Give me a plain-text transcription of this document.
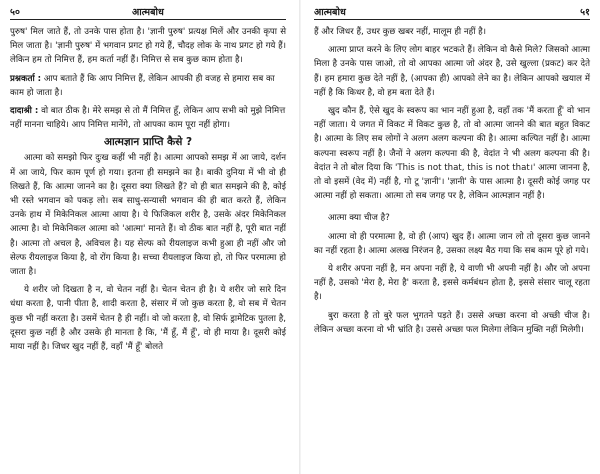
५०	आत्मबोध

पुरुष' मिल जाते हैं, तो उनके पास होता है। 'ज्ञानी पुरुष' प्रत्यक्ष मिलें और उनकी कृपा से मिल जाता है। 'ज्ञानी पुरुष' में भगवान प्रगट हो गये हैं, चौदह लोक के नाथ प्रगट हो गये हैं। लेकिन हम तो निमित्त हैं, हम कर्ता नहीं हैं। निमित्त से सब कुछ काम होता है।

प्रश्नकर्ता : आप बताते हैं कि आप निमित्त हैं, लेकिन आपकी ही वजह से हमारा सब का काम हो जाता है।

दादाश्री : वो बात ठीक है। मेरे समझ से तो मैं निमित्त हूँ, लेकिन आप सभी को मुझे निमित्त नहीं मानना चाहिये। आप निमित्त मानेंगे, तो आपका काम पूरा नहीं होगा।

आत्मज्ञान प्राप्ति कैसे ?

आत्मा को समझो फिर दुःख कहीं भी नहीं है। आत्मा आपको समझ में आ जाये, दर्शन में आ जाये, फिर काम पूर्ण हो गया। इतना ही समझने का है। बाकी दुनिया में भी वो ही लिखते हैं, कि आत्मा जानने का है। दूसरा क्या लिखते हैं? वो ही बात समझने की है, कोई भी रस्ते भगवान को पकड़ लो। सब साधु-सन्यासी भगवान की ही बात करते हैं, लेकिन उनके हाथ में मिकेनिकल आत्मा आया है। ये फिजिकल शरीर है, उसके अंदर मिकेनिकल आत्मा है। वो मिकेनिकल आत्मा को 'आत्मा' मानते हैं। वो ठीक बात नहीं है, पूरी बात नहीं है। आत्मा तो अचल है, अविचल है। यह सेल्फ को रीयलाइज कभी हुआ ही नहीं और जो सेल्फ रीयलाइज किया है, वो रोंग किया है। सच्चा रीयलाइज किया हो, तो फिर परमात्मा हो जाता है।

ये शरीर जो दिखता है न, वो चेतन नहीं है। चेतन चेतन ही है। ये शरीर जो सारे दिन धंधा करता है, पानी पीता है, शादी करता है, संसार में जो कुछ करता है, वो सब में चेतन कुछ भी नहीं करता है। उसमें चेतन है ही नहीं। वो जो करता है, वो सिर्फ ड्रामेटिक पुतला है, दूसरा कुछ नहीं है और उसके ही मानता है कि, 'मैं हूँ, मैं हूँ', वो ही माया है। दूसरी कोई माया नहीं है। जिधर खुद नहीं हैं, वहाँ 'मैं हूँ' बोलते

आत्मबोध	५१

हैं और जिधर हैं, उधर कुछ खबर नहीं, मालूम ही नहीं है।

आत्मा प्राप्त करने के लिए लोग बाहर भटकते हैं। लेकिन वो कैसे मिले? जिसको आत्मा मिला है उनके पास जाओ, तो वो आपका आत्मा जो अंदर है, उसे खुल्ला (प्रकट) कर देते हैं। हम हमारा कुछ देते नहीं है, (आपका ही) आपको लेने का है। लेकिन आपको खयाल में नहीं है कि किधर है, वो हम बता देते हैं।

खुद कौन हैं, ऐसे खुद के स्वरूप का भान नहीं हुआ है, वहाँ तक 'मैं करता हूँ' वो भान नहीं जाता। ये जगत में विकट में विकट कुछ है, तो वो आत्मा जानने की बात बहुत विकट है। आत्मा के लिए सब लोगों ने अलग अलग कल्पना की है। आत्मा कल्पित नहीं है। आत्मा कल्पना स्वरूप नहीं है। जैनों ने अलग कल्पना की है, वेदांत ने भी अलग कल्पना की है। वेदांत ने तो बोल दिया कि 'This is not that, this is not that।' आत्मा जानना है, तो वो इसमें (वेद में) नहीं है, गो टू 'ज्ञानी'। 'ज्ञानी' के पास आत्मा है। दूसरी कोई जगह पर आत्मा नहीं हो सकता। आत्मा तो सब जगह पर है, लेकिन आत्मज्ञान नहीं है।

आत्मा क्या चीज है?

आत्मा वो ही परमात्मा है, वो ही (आप) खुद हैं। आत्मा जान लो तो दूसरा कुछ जानने का नहीं रहता है। आत्मा अलख निरंजन है, उसका लक्ष्य बैठ गया कि सब काम पूरे हो गये।

ये शरीर अपना नहीं है, मन अपना नहीं है, ये वाणी भी अपनी नहीं है। और जो अपना नहीं है, उसको 'मेरा है, मेरा है' करता है, इससे कर्मबंधन होता है, इससे संसार चालू रहता है।

बुरा करता है तो बुरे फल भुगतने पड़ते हैं। उससे अच्छा करना वो अच्छी चीज है। लेकिन अच्छा करना वो भी भ्रांति है। उससे अच्छा फल मिलेगा लेकिन मुक्ति नहीं मिलेगी।
